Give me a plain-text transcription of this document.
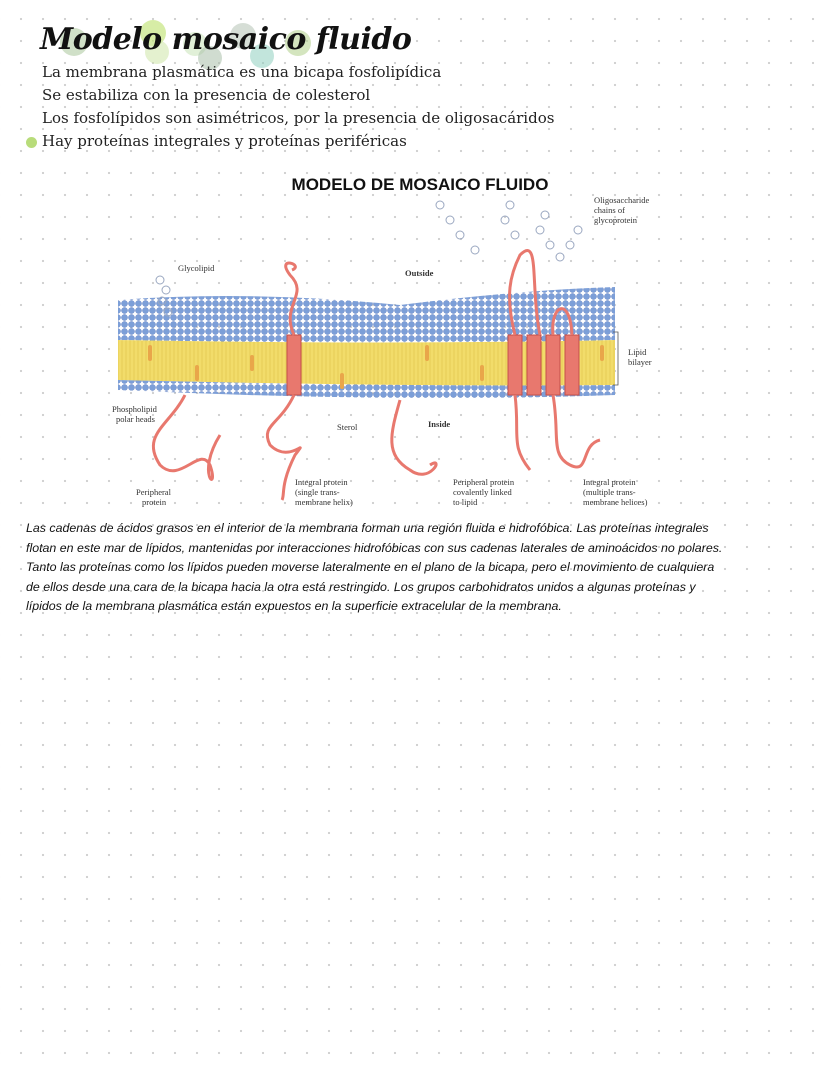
Modelo mosaico fluido
La membrana plasmática es una bicapa fosfolipídica
Se estabiliza con la presencia de colesterol
Los fosfolípidos son asimétricos, por la presencia de oligosacáridos
Hay proteínas integrales y proteínas periféricas
MODELO DE MOSAICO FLUIDO
Glycolipid	Outside
Inside
Oligosaccharide
chains of
glycoprotein
Lipid
bilayer
Phospholipid
polar heads
Sterol
Peripheral
protein
Integral protein
(single trans-
membrane helix)
Peripheral protein
covalently linked
to lipid
Integral protein
(multiple trans-
membrane helices)
Las cadenas de ácidos grasos en el interior de la membrana forman una región fluida e hidrofóbica. Las proteínas integrales
flotan en este mar de lípidos, mantenidas por interacciones hidrofóbicas con sus cadenas laterales de aminoácidos no polares.
Tanto las proteínas como los lípidos pueden moverse lateralmente en el plano de la bicapa, pero el movimiento de cualquiera
de ellos desde una cara de la bicapa hacia la otra está restringido. Los grupos carbohidratos unidos a algunas proteínas y
lípidos de la membrana plasmática están expuestos en la superficie extracelular de la membrana.
